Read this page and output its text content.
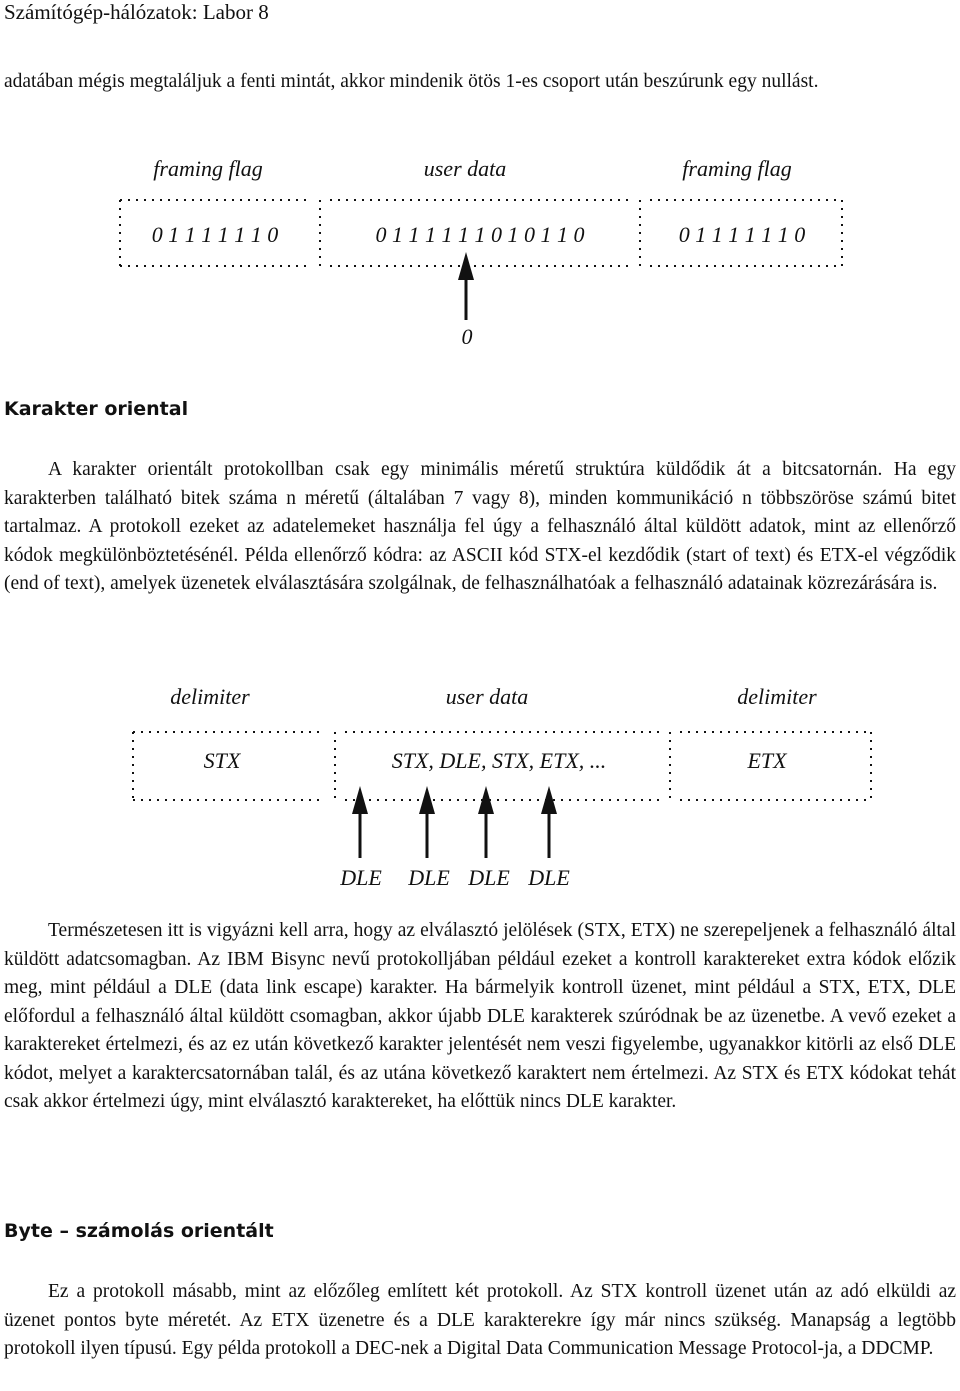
Számítógép-hálózatok: Labor 8

adatában mégis megtaláljuk a fenti mintát, akkor mindenik ötös 1-es csoport után beszúrunk egy nullást.

framing flag	user data	framing flag
0 1 1 1 1 1 1 0	0 1 1 1 1 1 1 0 1 0 1 1 0	0 1 1 1 1 1 1 0
0
Karakter oriental

A karakter orientált protokollban csak egy minimális méretű struktúra küldődik át a bitcsatornán. Ha egy karakterben található bitek száma n méretű (általában 7 vagy 8), minden kommunikáció n többszöröse számú bitet tartalmaz. A protokoll ezeket az adatelemeket használja fel úgy a felhasználó által küldött adatok, mint az ellenőrző kódok megkülönböztetésénél. Példa ellenőrző kódra: az ASCII kód STX-el kezdődik (start of text) és ETX-el végződik (end of text), amelyek üzenetek elválasztására szolgálnak, de felhasználhatóak a felhasználó adatainak közrezárására is.

delimiter	user data	delimiter
STX	STX, DLE, STX, ETX, ...	ETX
DLE DLE DLE DLE

Természetesen itt is vigyázni kell arra, hogy az elválasztó jelölések (STX, ETX) ne szerepeljenek a felhasználó által küldött adatcsomagban. Az IBM Bisync nevű protokolljában például ezeket a kontroll karaktereket extra kódok előzik meg, mint például a DLE (data link escape) karakter. Ha bármelyik kontroll üzenet, mint például a STX, ETX, DLE előfordul a felhasználó által küldött csomagban, akkor újabb DLE karakterek szúródnak be az üzenetbe. A vevő ezeket a karaktereket értelmezi, és az ez után következő karakter jelentését nem veszi figyelembe, ugyanakkor kitörli az első DLE kódot, melyet a karaktercsatornában talál, és az utána következő karaktert nem értelmezi. Az STX és ETX kódokat tehát csak akkor értelmezi úgy, mint elválasztó karaktereket, ha előttük nincs DLE karakter.

Byte – számolás orientált

Ez a protokoll másabb, mint az előzőleg említett két protokoll. Az STX kontroll üzenet után az adó elküldi az üzenet pontos byte méretét. Az ETX üzenetre és a DLE karakterekre így már nincs szükség. Manapság a legtöbb protokoll ilyen típusú. Egy példa protokoll a DEC-nek a Digital Data Communication Message Protocol-ja, a DDCMP.
